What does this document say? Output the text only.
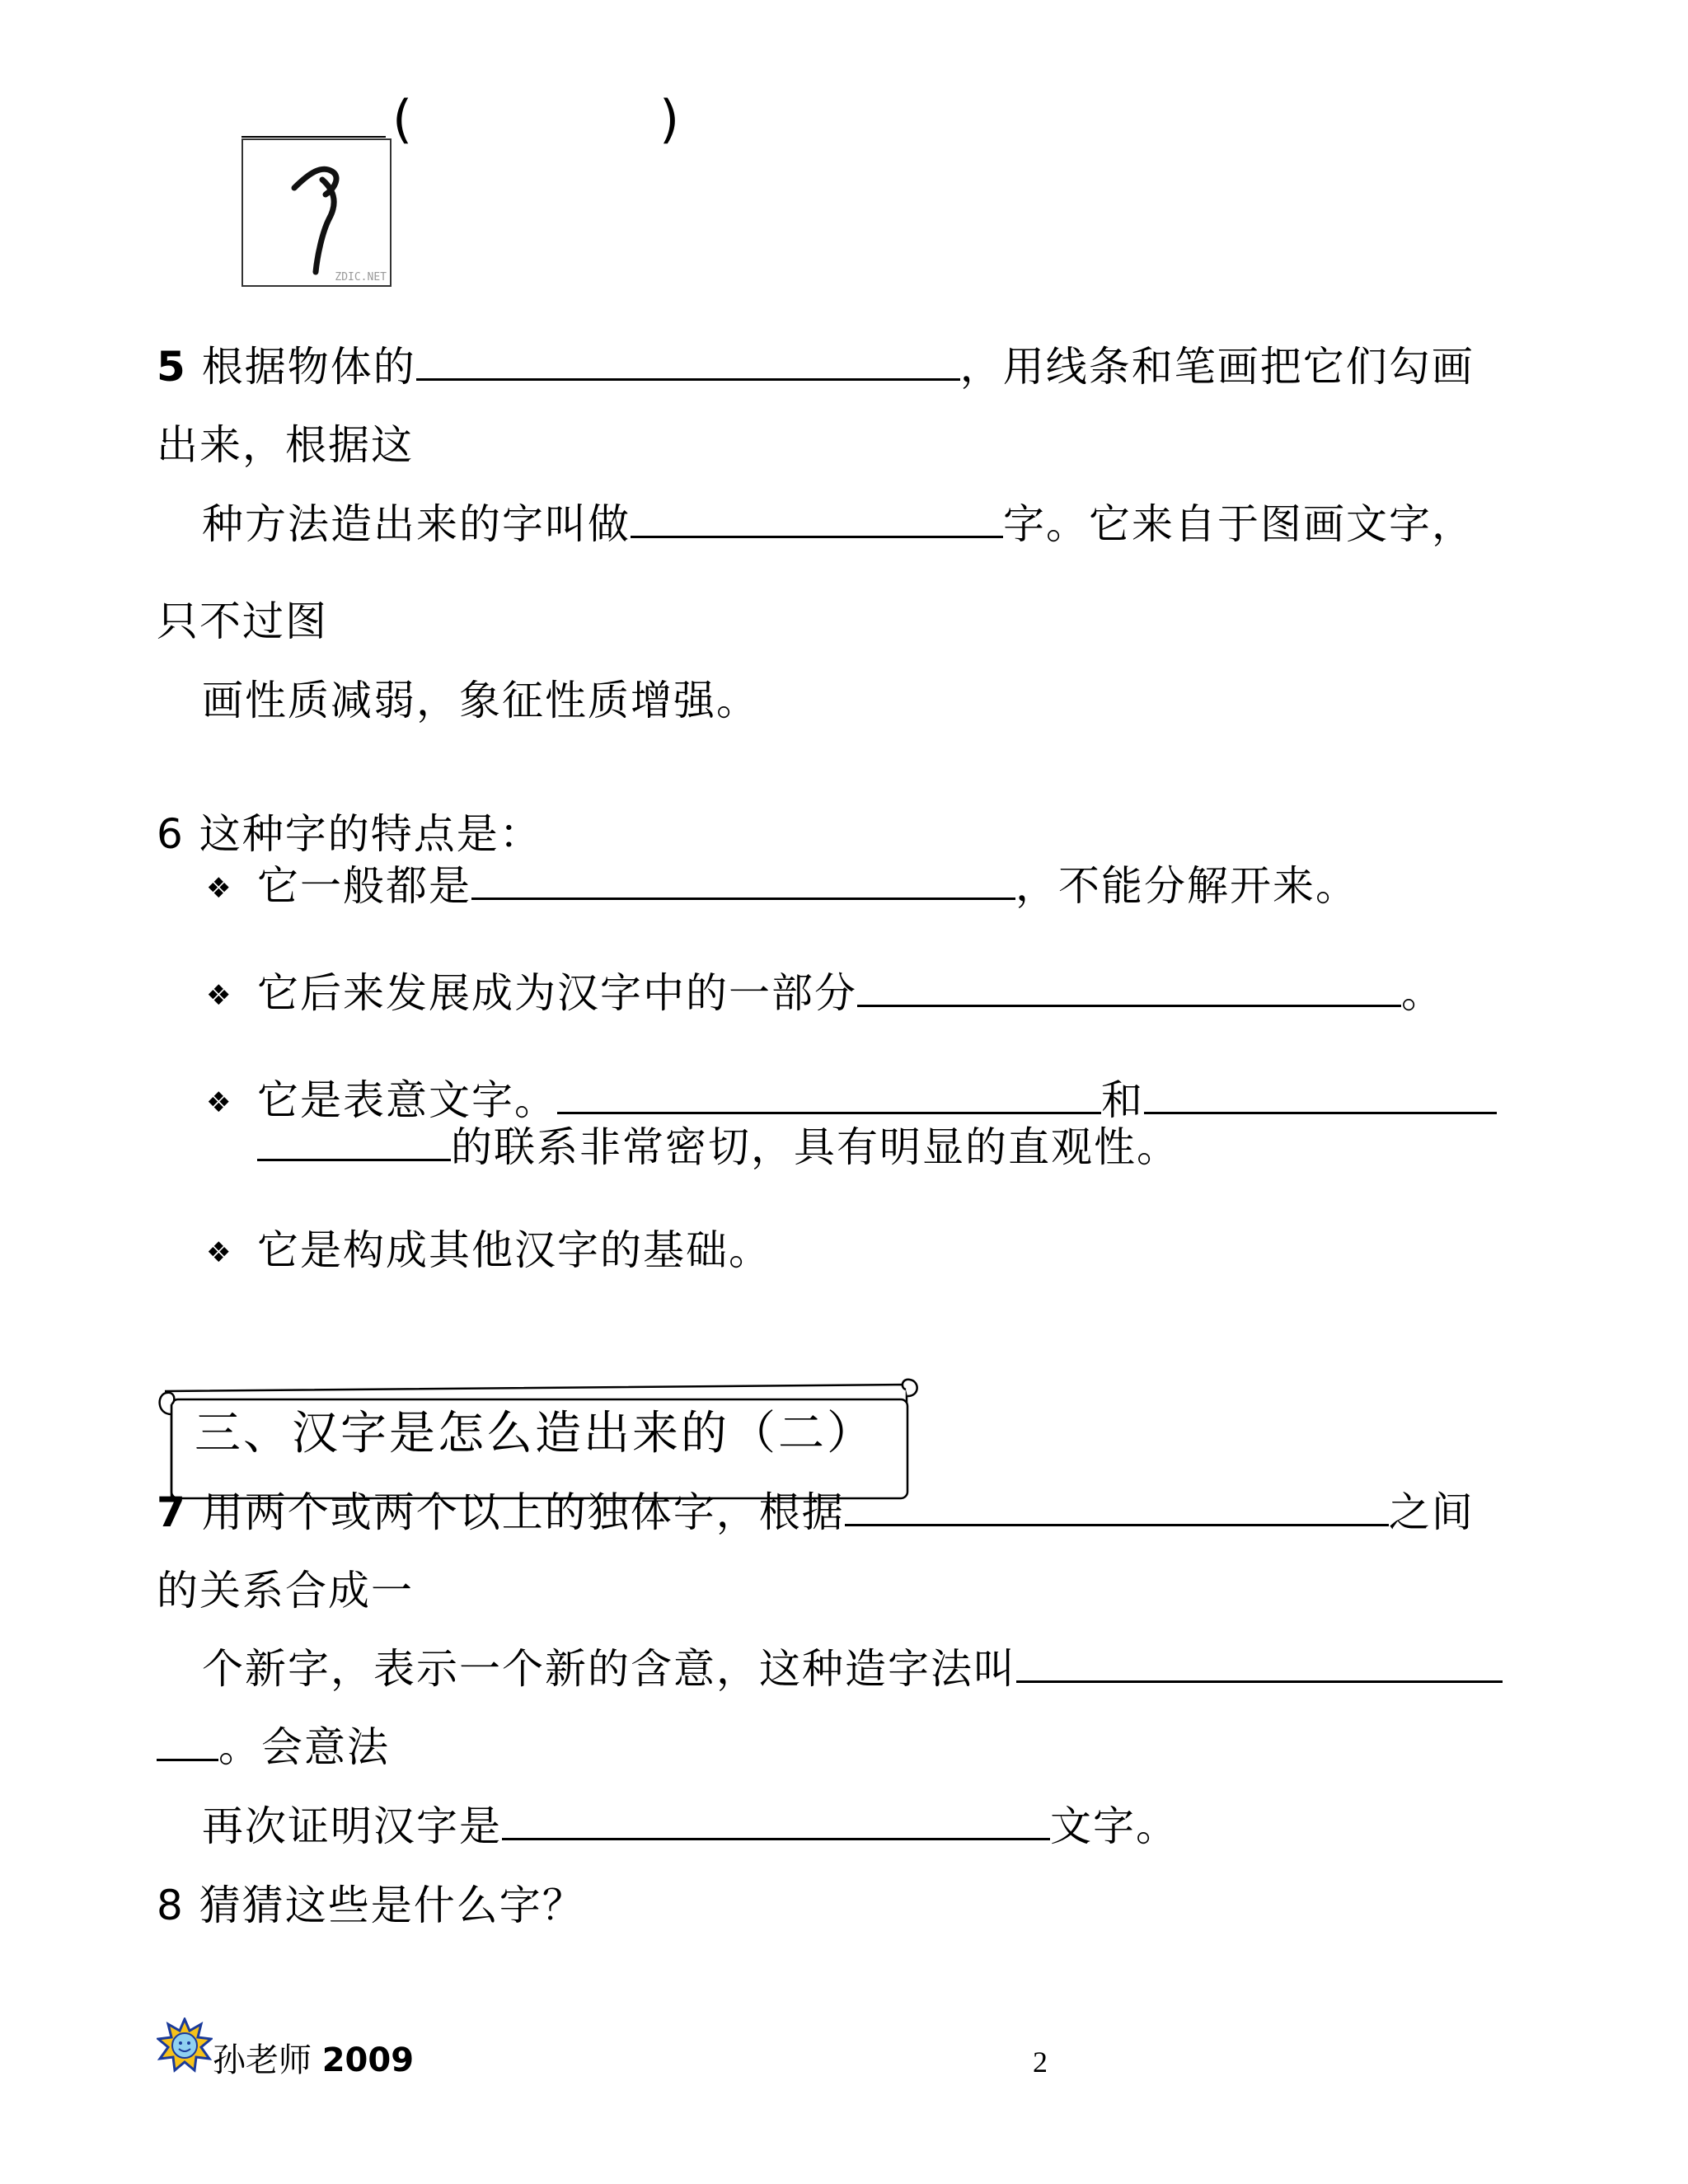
ZDIC.NET
(	)
5 根据物体的	，用线条和笔画把它们勾画
出来，根据这
种方法造出来的字叫做	字。它来自于图画文字，
只不过图
画性质减弱，象征性质增强。
6 这种字的特点是：
❖ 它一般都是	，不能分解开来。
❖ 它后来发展成为汉字中的一部分	。
❖ 它是表意文字。	和
的联系非常密切，具有明显的直观性。
❖ 它是构成其他汉字的基础。
三、汉字是怎么造出来的（二）
7 用两个或两个以上的独体字，根据	之间
的关系合成一
个新字，表示一个新的含意，这种造字法叫
。会意法
再次证明汉字是	文字。
8 猜猜这些是什么字？
孙老师 2009	2
